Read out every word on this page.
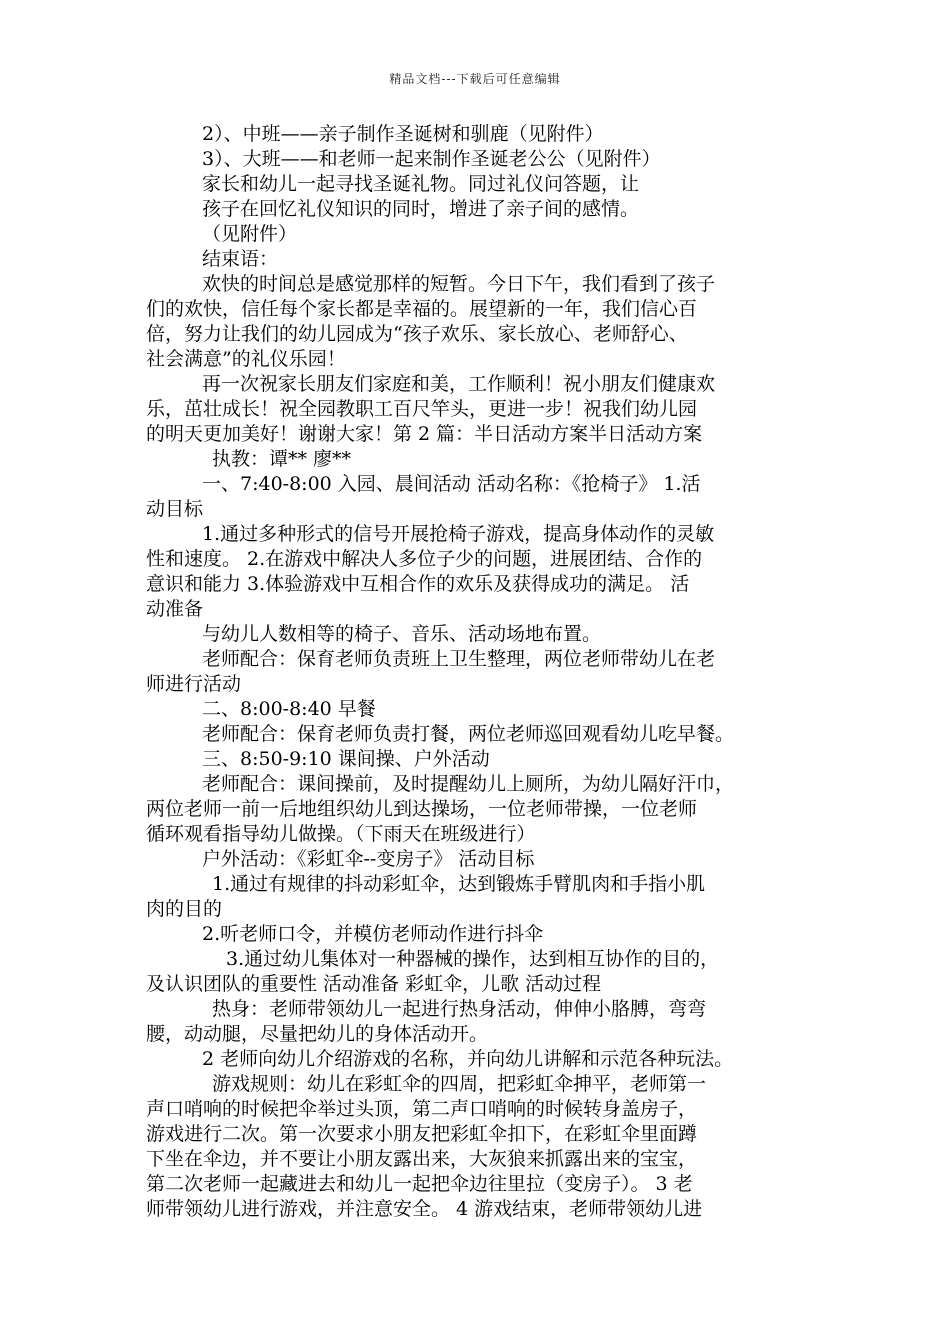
精品文档---下载后可任意编辑

2）、中班——亲子制作圣诞树和驯鹿（见附件）

3）、大班——和老师一起来制作圣诞老公公（见附件）

家长和幼儿一起寻找圣诞礼物。同过礼仪问答题，让

孩子在回忆礼仪知识的同时，增进了亲子间的感情。

（见附件）

结束语：

欢快的时间总是感觉那样的短暂。今日下午，我们看到了孩子

们的欢快，信任每个家长都是幸福的。展望新的一年，我们信心百

倍，努力让我们的幼儿园成为“孩子欢乐、家长放心、老师舒心、

社会满意”的礼仪乐园！

再一次祝家长朋友们家庭和美，工作顺利！祝小朋友们健康欢

乐，茁壮成长！祝全园教职工百尺竿头，更进一步！祝我们幼儿园

的明天更加美好！谢谢大家！第 2 篇：半日活动方案半日活动方案

执教：谭** 廖**

一、7:40-8:00 入园、晨间活动 活动名称：《抢椅子》 1.活

动目标

1.通过多种形式的信号开展抢椅子游戏，提高身体动作的灵敏

性和速度。 2.在游戏中解决人多位子少的问题，进展团结、合作的

意识和能力 3.体验游戏中互相合作的欢乐及获得成功的满足。 活

动准备

与幼儿人数相等的椅子、音乐、活动场地布置。

老师配合：保育老师负责班上卫生整理，两位老师带幼儿在老

师进行活动

二、8:00-8:40 早餐

老师配合：保育老师负责打餐，两位老师巡回观看幼儿吃早餐。

三、8:50-9:10 课间操、户外活动

老师配合：课间操前，及时提醒幼儿上厕所，为幼儿隔好汗巾，

两位老师一前一后地组织幼儿到达操场，一位老师带操，一位老师

循环观看指导幼儿做操。（下雨天在班级进行）

户外活动：《彩虹伞--变房子》 活动目标

1.通过有规律的抖动彩虹伞，达到锻炼手臂肌肉和手指小肌

肉的目的

2.听老师口令，并模仿老师动作进行抖伞

3.通过幼儿集体对一种器械的操作，达到相互协作的目的，

及认识团队的重要性 活动准备 彩虹伞，儿歌 活动过程

热身：老师带领幼儿一起进行热身活动，伸伸小胳膊，弯弯

腰，动动腿，尽量把幼儿的身体活动开。

2 老师向幼儿介绍游戏的名称，并向幼儿讲解和示范各种玩法。

游戏规则：幼儿在彩虹伞的四周，把彩虹伞抻平，老师第一

声口哨响的时候把伞举过头顶，第二声口哨响的时候转身盖房子，

游戏进行二次。第一次要求小朋友把彩虹伞扣下，在彩虹伞里面蹲

下坐在伞边，并不要让小朋友露出来，大灰狼来抓露出来的宝宝，

第二次老师一起藏进去和幼儿一起把伞边往里拉（变房子）。 3 老

师带领幼儿进行游戏，并注意安全。 4 游戏结束，老师带领幼儿进
